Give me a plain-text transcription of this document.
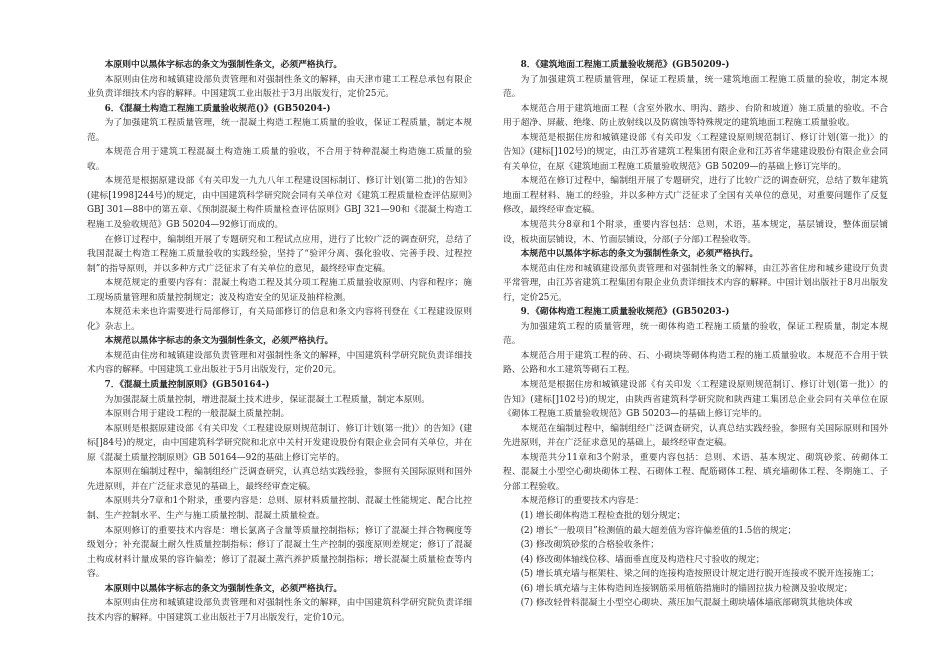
本原则中以黑体字标志的条文为强制性条文，必须严格执行。

本原则由住房和城镇建设部负责管理和对强制性条文的解释，由天津市建工工程总承包有限企业负责详细技术内容的解释。中国建筑工业出版社于3月出版发行，定价25元。

6．《混凝土构造工程施工质量验收规范()》(GB50204-)

为了加强建筑工程质量管理，统一混凝土构造工程施工质量的验收，保证工程质量，制定本规范。

本规范合用于建筑工程混凝土构造施工质量的验收，不合用于特种混凝土构造施工质量的验收。

本规范是根据原建设部《有关印发一九九八年工程建设国标制订、修订计划(第二批)的告知》(建标[1998]244号)的规定，由中国建筑科学研究院会同有关单位对《建筑工程质量检查评估原则》GBJ 301—88中的第五章、《预制混凝土构件质量检查评估原则》GBJ 321—90和《混凝土构造工程施工及验收规范》GB 50204—92修订而成的。

在修订过程中，编制组开展了专题研究和工程试点应用，进行了比较广泛的调查研究，总结了我国混凝土构造工程施工质量验收的实践经验，坚持了“验评分离、强化验收、完善手段、过程控制”的指导原则，并以多种方式广泛征求了有关单位的意见，最终经审查定稿。

本规范规定的重要内容有：混凝土构造工程及其分项工程施工质量验收原则、内容和程序；施工现场质量管理和质量控制规定；波及构造安全的见证及抽样检测。

本规范未来也许需要进行局部修订，有关局部修订的信息和条文内容将刊登在《工程建设原则化》杂志上。

本规范以黑体字标志的条文为强制性条文，必须严格执行。

本规范由住房和城镇建设部负责管理和对强制性条文的解释，中国建筑科学研究院负责详细技术内容的解释。中国建筑工业出版社于5月出版发行，定价20元。

7．《混凝土质量控制原则》(GB50164-)

为加强混凝土质量控制，增进混凝土技术进步，保证混凝土工程质量，制定本原则。

本原则合用于建设工程的一般混凝土质量控制。

本原则是根据原建设部《有关印发〈工程建设原则规范制订、修订计划(第一批)〉的告知》(建标[]84号)的规定，由中国建筑科学研究院和北京中关村开发建设股份有限企业会同有关单位，并在原《混凝土质量控制原则》GB 50164—92的基础上修订完毕的。

本原则在编制过程中，编制组经广泛调查研究，认真总结实践经验，参照有关国际原则和国外先进原则，并在广泛征求意见的基础上，最终经审查定稿。

本原则共分7章和1个附录，重要内容是：总则、原材料质量控制、混凝土性能规定、配合比控制、生产控制水平、生产与施工质量控制、混凝土质量检查。

本原则修订的重要技术内容是：增长氯离子含量等质量控制指标；修订了混凝土拌合物稠度等级划分；补充混凝土耐久性质量控制指标；修订了混凝土生产控制的强度原则差规定；修订了混凝土构成材料计量成果的容许偏差；修订了混凝土蒸汽养护质量控制指标；增长混凝土质量检查等内容。

本原则中以黑体字标志的条文为强制性条文，必须严格执行。

本原则由住房和城镇建设部负责管理和对强制性条文的解释，由中国建筑科学研究院负责详细技术内容的解释。中国建筑工业出版社于7月出版发行，定价10元。

8．《建筑地面工程施工质量验收规范》(GB50209-)

为了加强建筑工程质量管理，保证工程质量，统一建筑地面工程施工质量的验收，制定本规范。

本规范合用于建筑地面工程（含室外散水、明沟、踏步、台阶和坡道）施工质量的验收。不合用于超净、屏蔽、绝缘、防止放射线以及防腐蚀等特殊规定的建筑地面工程施工质量验收。

本规范是根据住房和城镇建设部《有关印发〈工程建设原则规范制订、修订计划(第一批)〉的告知》(建标[]102号)的规定，由江苏省建筑工程集团有限企业和江苏省华建建设股份有限企业会同有关单位，在原《建筑地面工程施工质量验收规范》GB 50209—的基础上修订完毕的。

本规范在修订过程中，编制组开展了专题研究，进行了比较广泛的调查研究，总结了数年建筑地面工程材料、施工的经验，并以多种方式广泛征求了全国有关单位的意见，对重要问题作了反复修改，最终经审查定稿。

本规范共分8章和1个附录，重要内容包括：总则，术语，基本规定，基层铺设，整体面层铺设，板块面层铺设，木、竹面层铺设，分部(子分部)工程验收等。

本规范中以黑体字标志的条文为强制性条文，必须严格执行。

本规范由住房和城镇建设部负责管理和对强制性条文的解释，由江苏省住房和城乡建设厅负责平常管理，由江苏省建筑工程集团有限企业负责详细技术内容的解释。中国计划出版社于8月出版发行，定价25元。

9．《砌体构造工程施工质量验收规范》(GB50203-)

为加强建筑工程的质量管理，统一砌体构造工程施工质量的验收，保证工程质量，制定本规范。

本规范合用于建筑工程的砖、石、小砌块等砌体构造工程的施工质量验收。本规范不合用于铁路、公路和水工建筑等砌石工程。

本规范是根据住房和城镇建设部《有关印发〈工程建设原则规范制订、修订计划(第一批)〉的告知》(建标[]102号)的规定，由陕西省建筑科学研究院和陕西建工集团总企业会同有关单位在原《砌体工程施工质量验收规范》GB 50203—的基础上修订完毕的。

本规范在编制过程中，编制组经广泛调查研究，认真总结实践经验，参照有关国际原则和国外先进原则，并在广泛征求意见的基础上，最终经审查定稿。

本规范共分11章和3个附录，重要内容包括：总则、术语、基本规定、砌筑砂浆、砖砌体工程、混凝土小型空心砌块砌体工程、石砌体工程、配筋砌体工程、填充墙砌体工程、冬期施工、子分部工程验收。

本规范修订的重要技术内容是：

(1) 增长砌体构造工程检查批的划分规定；

(2) 增长“一般项目”检测值的最大超差值为容许偏差值的1.5倍的规定；

(3) 修改砌筑砂浆的合格验收条件；

(4) 修改砌体轴线位移、墙面垂直度及构造柱尺寸验收的规定；

(5) 增长填充墙与框架柱、梁之间的连接构造按照设计规定进行脱开连接或不脱开连接施工；

(6) 增长填充墙与主体构造间连接钢筋采用植筋措施时的锚固拉拔力检测及验收规定；

(7) 修改轻骨料混凝土小型空心砌块、蒸压加气混凝土砌块墙体墙底部砌筑其他块体或
